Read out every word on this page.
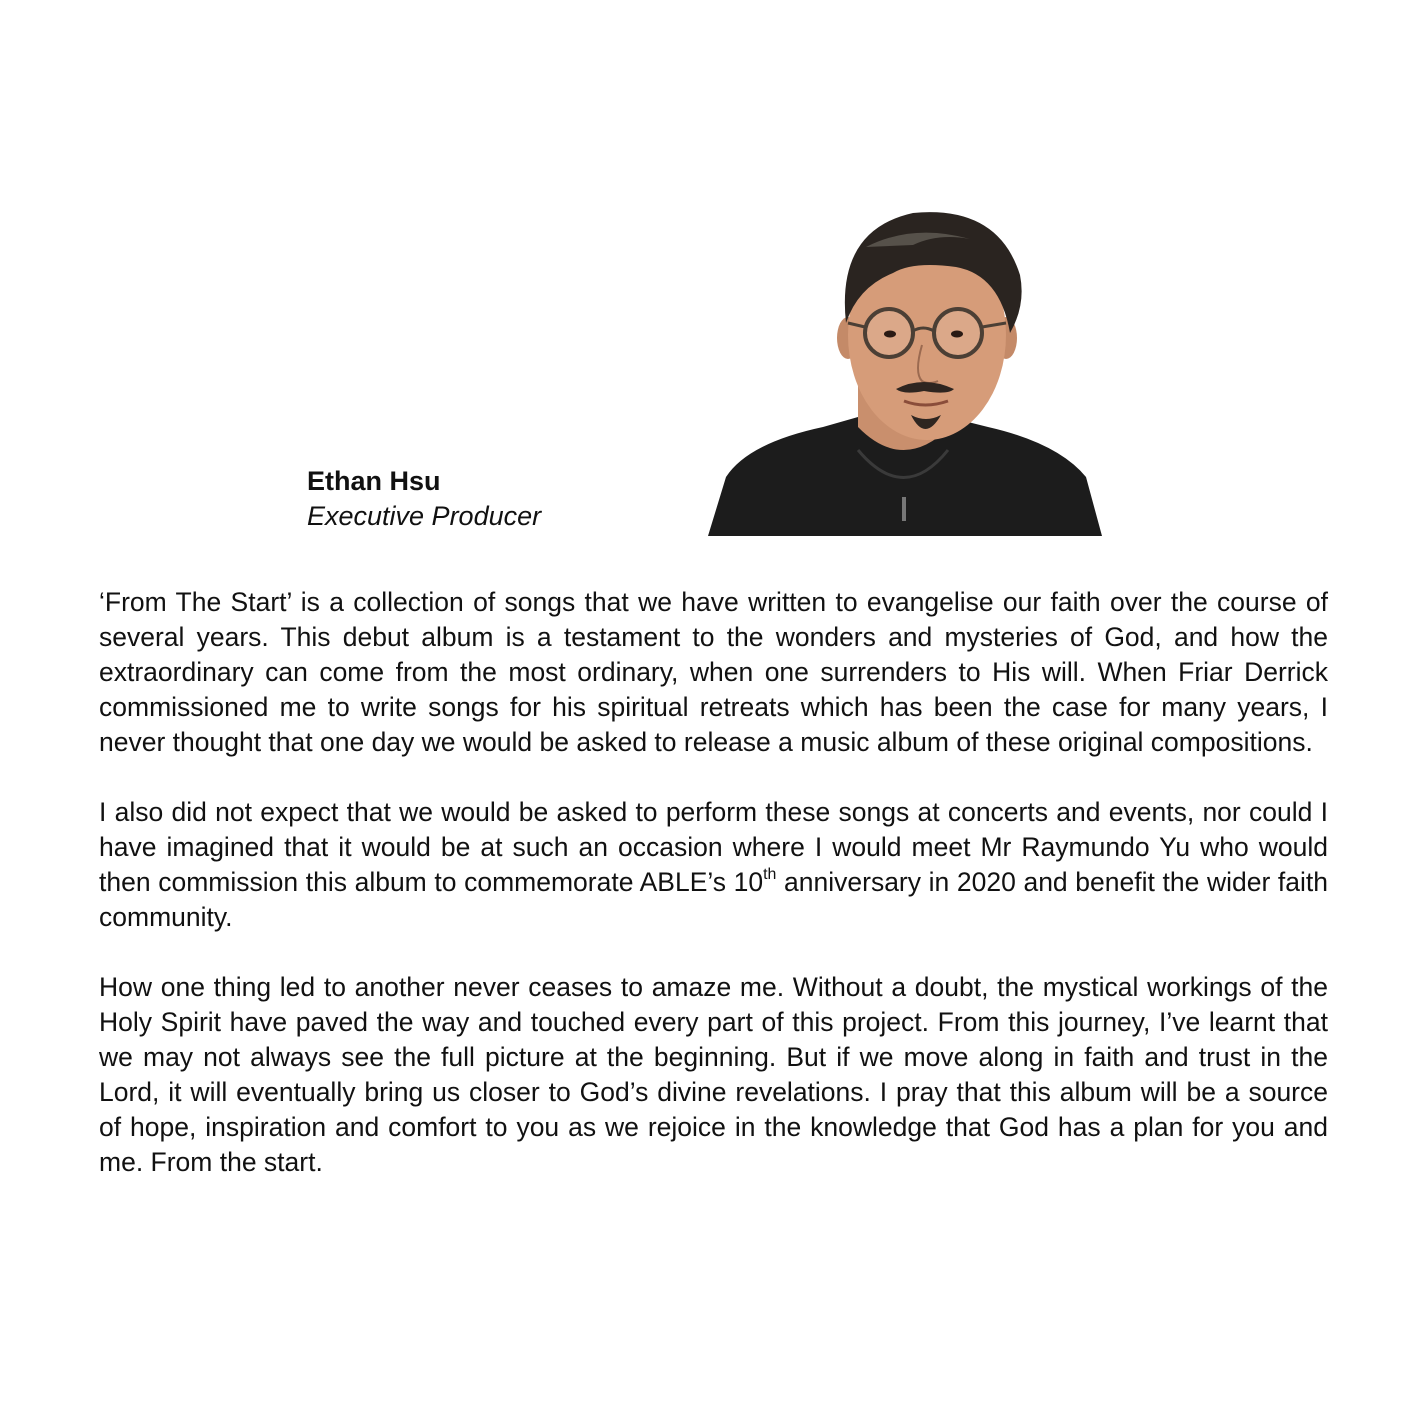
Ethan Hsu
Executive Producer

‘From The Start’ is a collection of songs that we have written to evangelise our faith over the course of several years. This debut album is a testament to the wonders and mysteries of God, and how the extraordinary can come from the most ordinary, when one surrenders to His will. When Friar Derrick commissioned me to write songs for his spiritual retreats which has been the case for many years, I never thought that one day we would be asked to release a music album of these original compositions.

I also did not expect that we would be asked to perform these songs at concerts and events, nor could I have imagined that it would be at such an occasion where I would meet Mr Raymundo Yu who would then commission this album to commemorate ABLE’s 10th anniversary in 2020 and benefit the wider faith community.

How one thing led to another never ceases to amaze me. Without a doubt, the mystical workings of the Holy Spirit have paved the way and touched every part of this project. From this journey, I’ve learnt that we may not always see the full picture at the beginning. But if we move along in faith and trust in the Lord, it will eventually bring us closer to God’s divine revelations. I pray that this album will be a source of hope, inspiration and comfort to you as we rejoice in the knowledge that God has a plan for you and me. From the start.
